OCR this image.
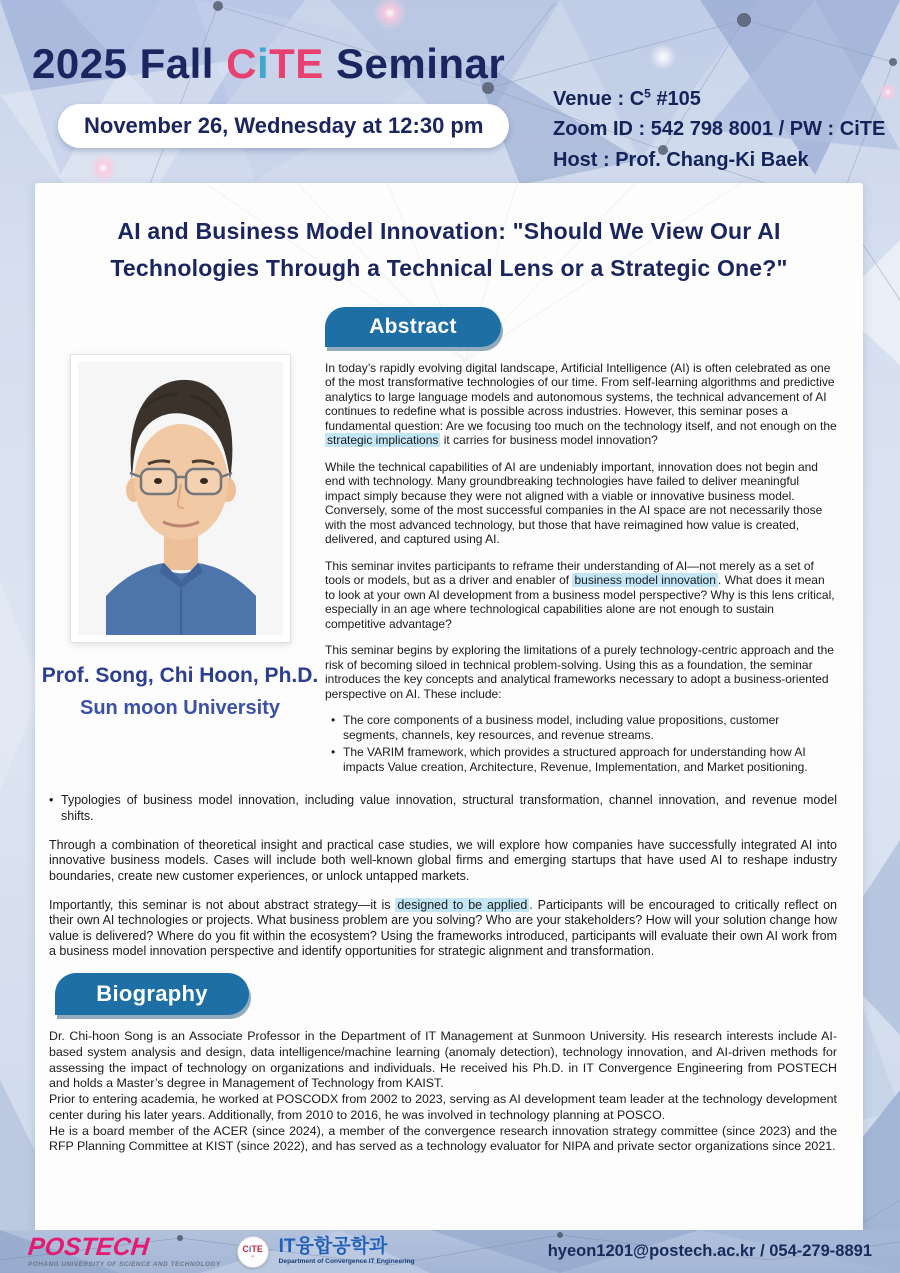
2025 Fall CiTE Seminar
November 26, Wednesday at 12:30 pm
Venue : $C^5$ #105
Zoom ID : 542 798 8001 / PW : CiTE
Host : Prof. Chang-Ki Baek
AI and Business Model Innovation: "Should We View Our AI
Technologies Through a Technical Lens or a Strategic One?"
Prof. Song, Chi Hoon, Ph.D.
Sun moon University
Abstract

In today’s rapidly evolving digital landscape, Artificial Intelligence (AI) is often celebrated as one of the most transformative technologies of our time. From self-learning algorithms and predictive analytics to large language models and autonomous systems, the technical advancement of AI continues to redefine what is possible across industries. However, this seminar poses a fundamental question: Are we focusing too much on the technology itself, and not enough on the strategic implications it carries for business model innovation?

While the technical capabilities of AI are undeniably important, innovation does not begin and end with technology. Many groundbreaking technologies have failed to deliver meaningful impact simply because they were not aligned with a viable or innovative business model. Conversely, some of the most successful companies in the AI space are not necessarily those with the most advanced technology, but those that have reimagined how value is created, delivered, and captured using AI.

This seminar invites participants to reframe their understanding of AI—not merely as a set of tools or models, but as a driver and enabler of business model innovation . What does it mean to look at your own AI development from a business model perspective? Why is this lens critical, especially in an age where technological capabilities alone are not enough to sustain competitive advantage?

This seminar begins by exploring the limitations of a purely technology-centric approach and the risk of becoming siloed in technical problem-solving. Using this as a foundation, the seminar introduces the key concepts and analytical frameworks necessary to adopt a business-oriented perspective on AI. These include:

• The core components of a business model, including value propositions, customer segments, channels, key resources, and revenue streams.
• The VARIM framework, which provides a structured approach for understanding how AI impacts Value creation, Architecture, Revenue, Implementation, and Market positioning.
• Typologies of business model innovation, including value innovation, structural transformation, channel innovation, and revenue model shifts.

Through a combination of theoretical insight and practical case studies, we will explore how companies have successfully integrated AI into innovative business models. Cases will include both well-known global firms and emerging startups that have used AI to reshape industry boundaries, create new customer experiences, or unlock untapped markets.

Importantly, this seminar is not about abstract strategy—it is designed to be applied . Participants will be encouraged to critically reflect on their own AI technologies or projects. What business problem are you solving? Who are your stakeholders? How will your solution change how value is delivered? Where do you fit within the ecosystem? Using the frameworks introduced, participants will evaluate their own AI work from a business model innovation perspective and identify opportunities for strategic alignment and transformation.

Biography

Dr. Chi-hoon Song is an Associate Professor in the Department of IT Management at Sunmoon University. His research interests include AI-based system analysis and design, data intelligence/machine learning (anomaly detection), technology innovation, and AI-driven methods for assessing the impact of technology on organizations and individuals. He received his Ph.D. in IT Convergence Engineering from POSTECH and holds a Master’s degree in Management of Technology from KAIST.

Prior to entering academia, he worked at POSCODX from 2002 to 2023, serving as AI development team leader at the technology development center during his later years. Additionally, from 2010 to 2016, he was involved in technology planning at POSCO.

He is a board member of the ACER (since 2024), a member of the convergence research innovation strategy committee (since 2023) and the RFP Planning Committee at KIST (since 2022), and has served as a technology evaluator for NIPA and private sector organizations since 2021.

POSTECH
POHANG UNIVERSITY OF SCIENCE AND TECHNOLOGY
CiTE
▪▪▪ IT융합공학과
Department of Convergence IT Engineering
hyeon1201@postech.ac.kr / 054-279-8891
